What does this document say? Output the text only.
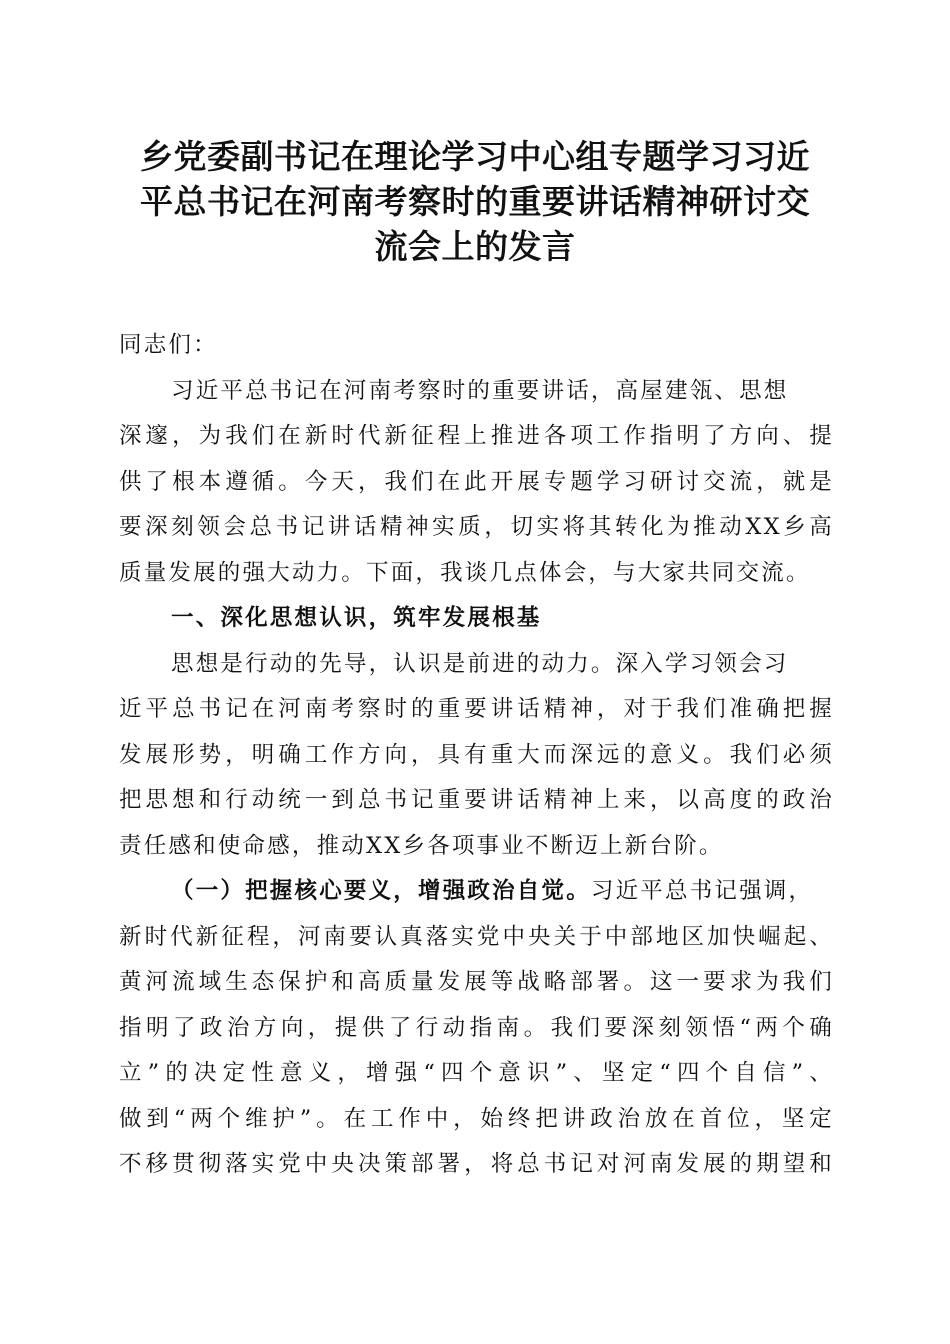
乡党委副书记在理论学习中心组专题学习习近
平总书记在河南考察时的重要讲话精神研讨交
流会上的发言
同志们：
习近平总书记在河南考察时的重要讲话，高屋建瓴、思想
深邃，为我们在新时代新征程上推进各项工作指明了方向、提
供了根本遵循。今天，我们在此开展专题学习研讨交流，就是
要深刻领会总书记讲话精神实质，切实将其转化为推动XX乡高
质量发展的强大动力。下面，我谈几点体会，与大家共同交流。
一、深化思想认识，筑牢发展根基
思想是行动的先导，认识是前进的动力。深入学习领会习
近平总书记在河南考察时的重要讲话精神，对于我们准确把握
发展形势，明确工作方向，具有重大而深远的意义。我们必须
把思想和行动统一到总书记重要讲话精神上来，以高度的政治
责任感和使命感，推动XX乡各项事业不断迈上新台阶。
（一）把握核心要义，增强政治自觉。习近平总书记强调，
新时代新征程，河南要认真落实党中央关于中部地区加快崛起、
黄河流域生态保护和高质量发展等战略部署。这一要求为我们
指明了政治方向，提供了行动指南。我们要深刻领悟“两个确
立”的决定性意义，增强“四个意识”、坚定“四个自信”、
做到“两个维护”。在工作中，始终把讲政治放在首位，坚定
不移贯彻落实党中央决策部署，将总书记对河南发展的期望和
